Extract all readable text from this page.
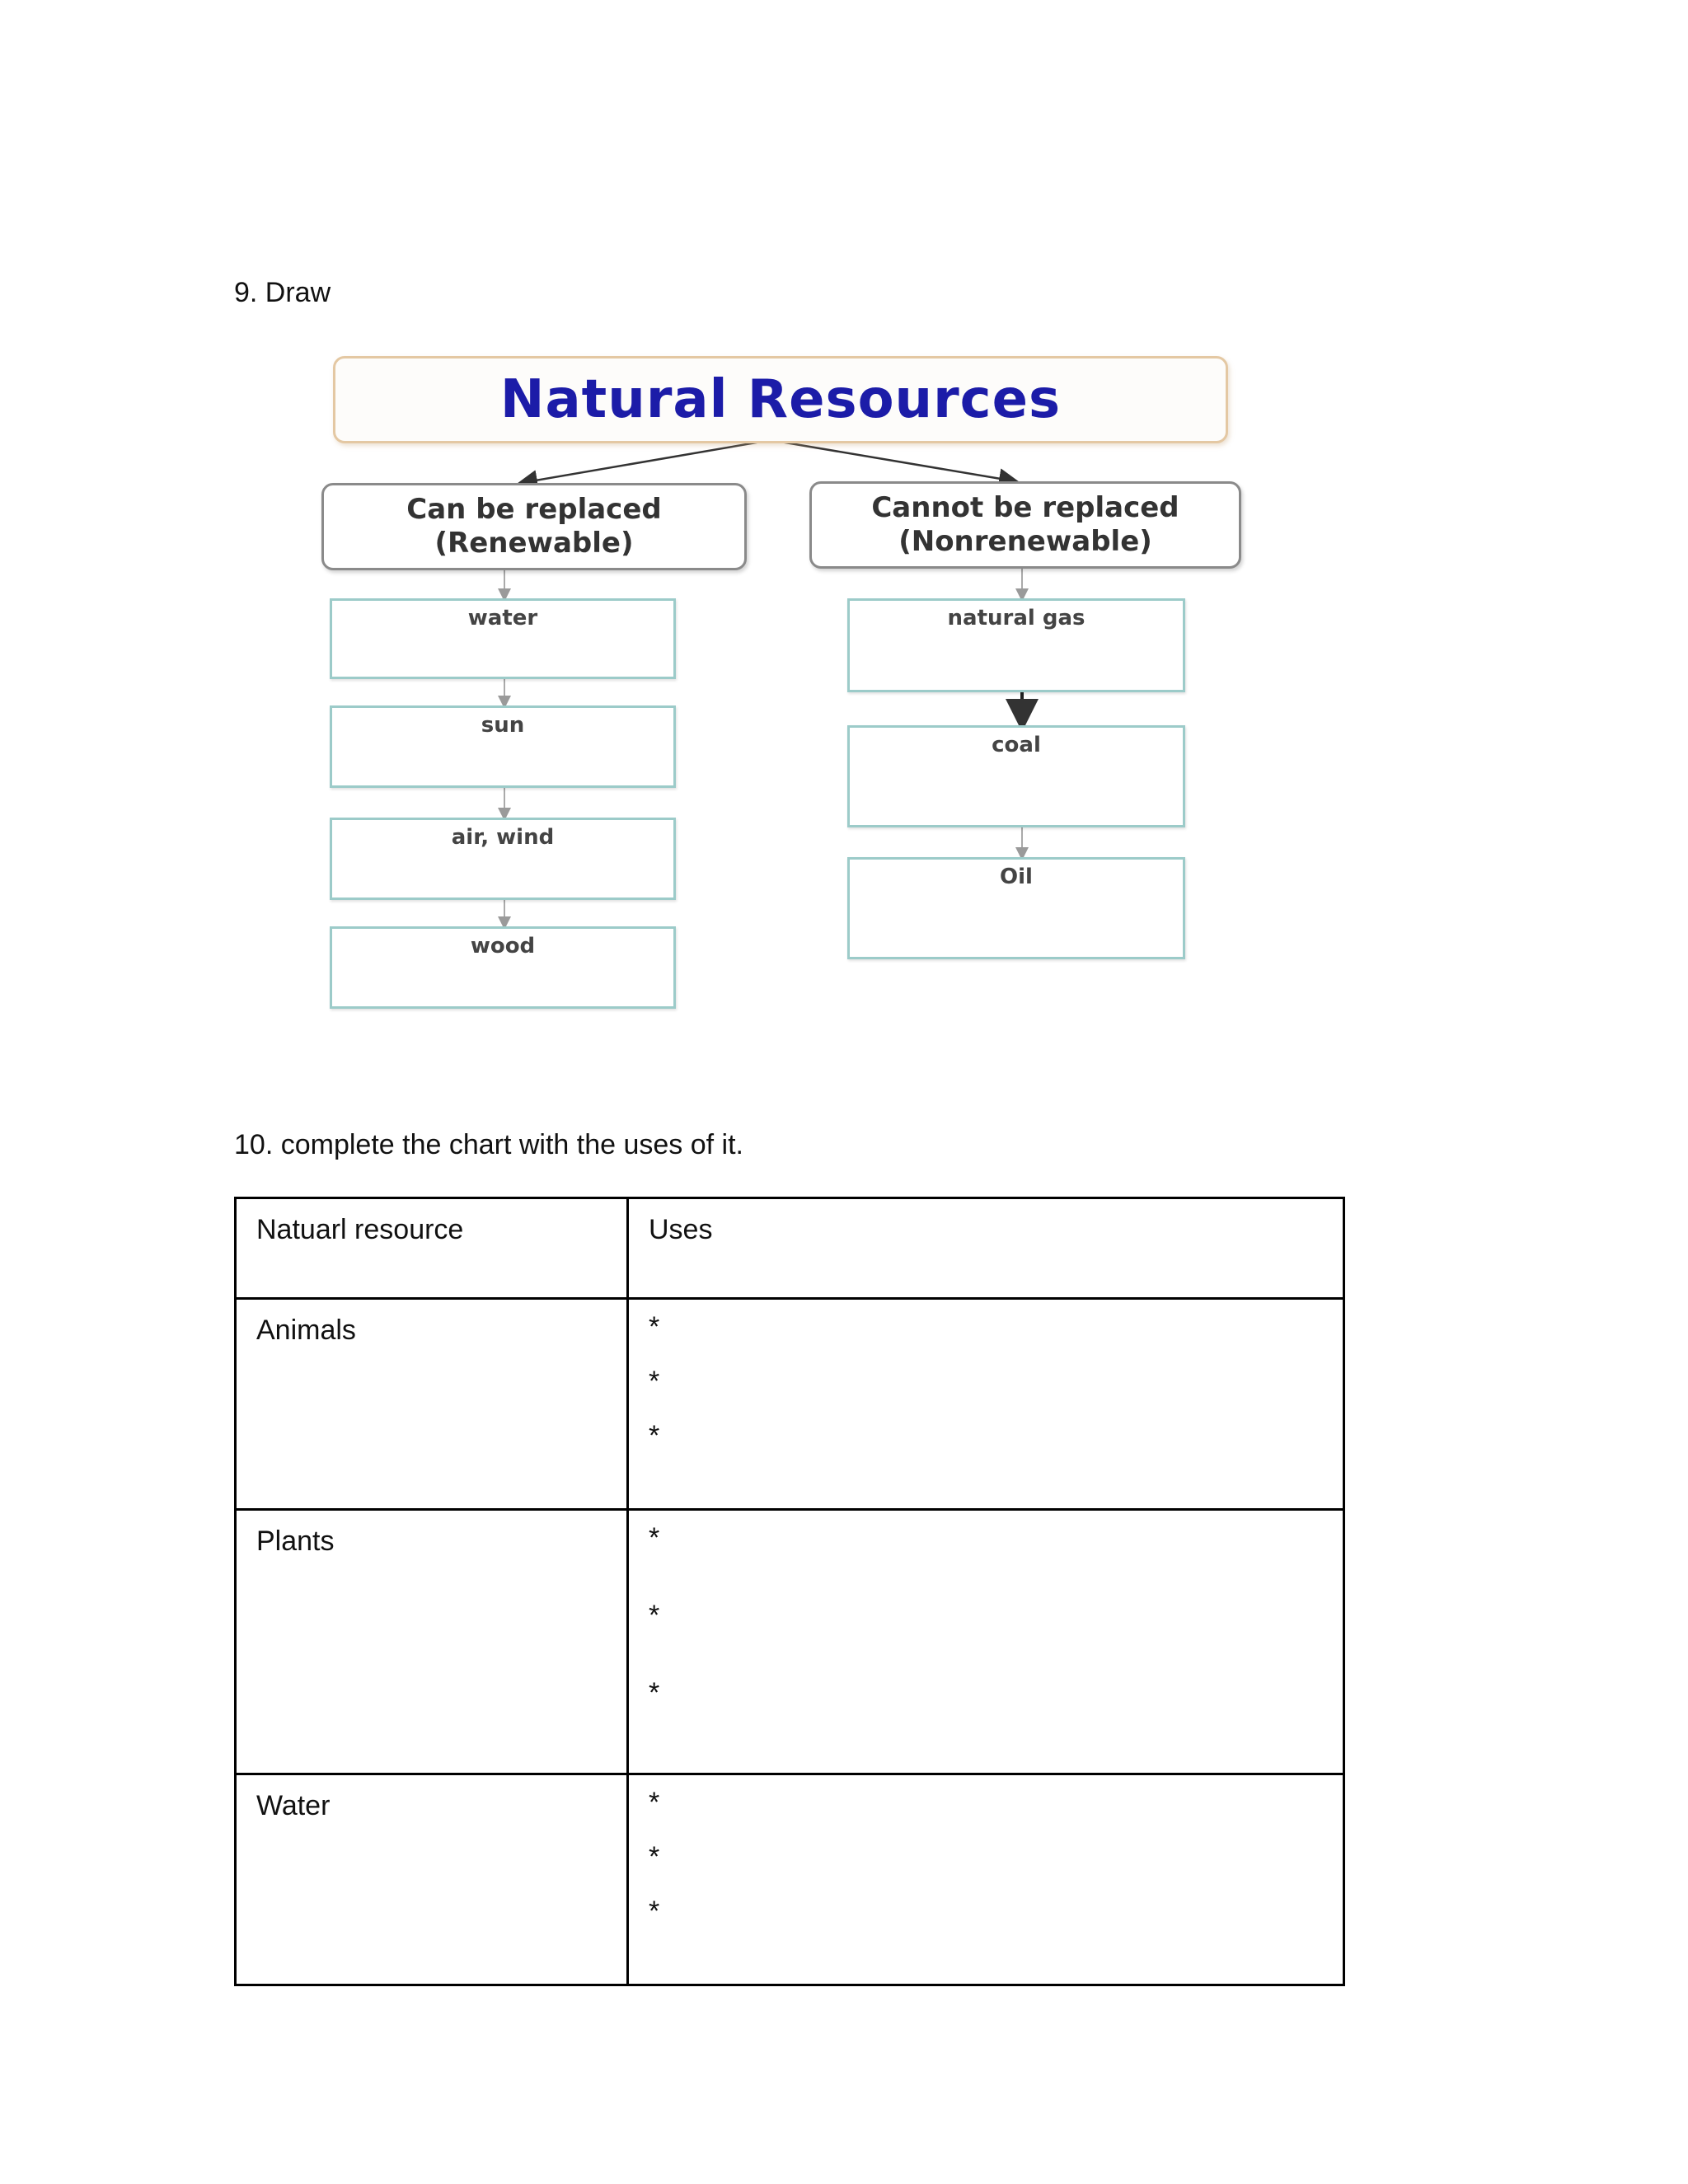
9. Draw
Natural Resources
Can be replaced
(Renewable)
Cannot be replaced
(Nonrenewable)
water
sun
air, wind
wood
natural gas
coal
Oil
10. complete the chart with the uses of it.
Natuarl resource	Uses
Animals	*
*
*

Plants	*
*
*

Water	*
*
*
